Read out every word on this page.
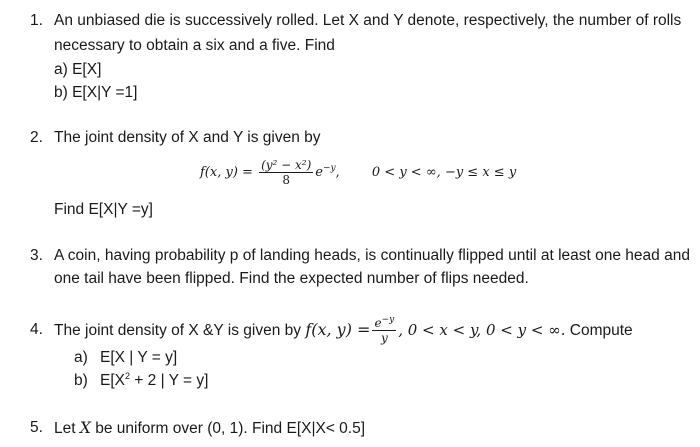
1. An unbiased die is successively rolled. Let X and Y denote, respectively, the number of rolls
necessary to obtain a six and a five. Find
a) E[X]
b) E[X|Y =1]
2. The joint density of X and Y is given by
f(x, $y) = \frac{\text{(y² − x²)}}{8} e^{-y}$, 0 < y < ∞, −y ≤ x ≤ y
Find E[X|Y =y]
3. A coin, having probability p of landing heads, is continually flipped until at least one head and
one tail have been flipped. Find the expected number of flips needed.
4. The joint density of X &Y is given by f(x, $y) = \frac{e^{-y}}{y}$ , 0 < x < y, 0 < y < ∞. Compute
a) E[X | Y = y]
b) $E[X^2 + 2$ | Y = y]
5. Let X be uniform over (0, 1). Find E[X|X< 0.5]
